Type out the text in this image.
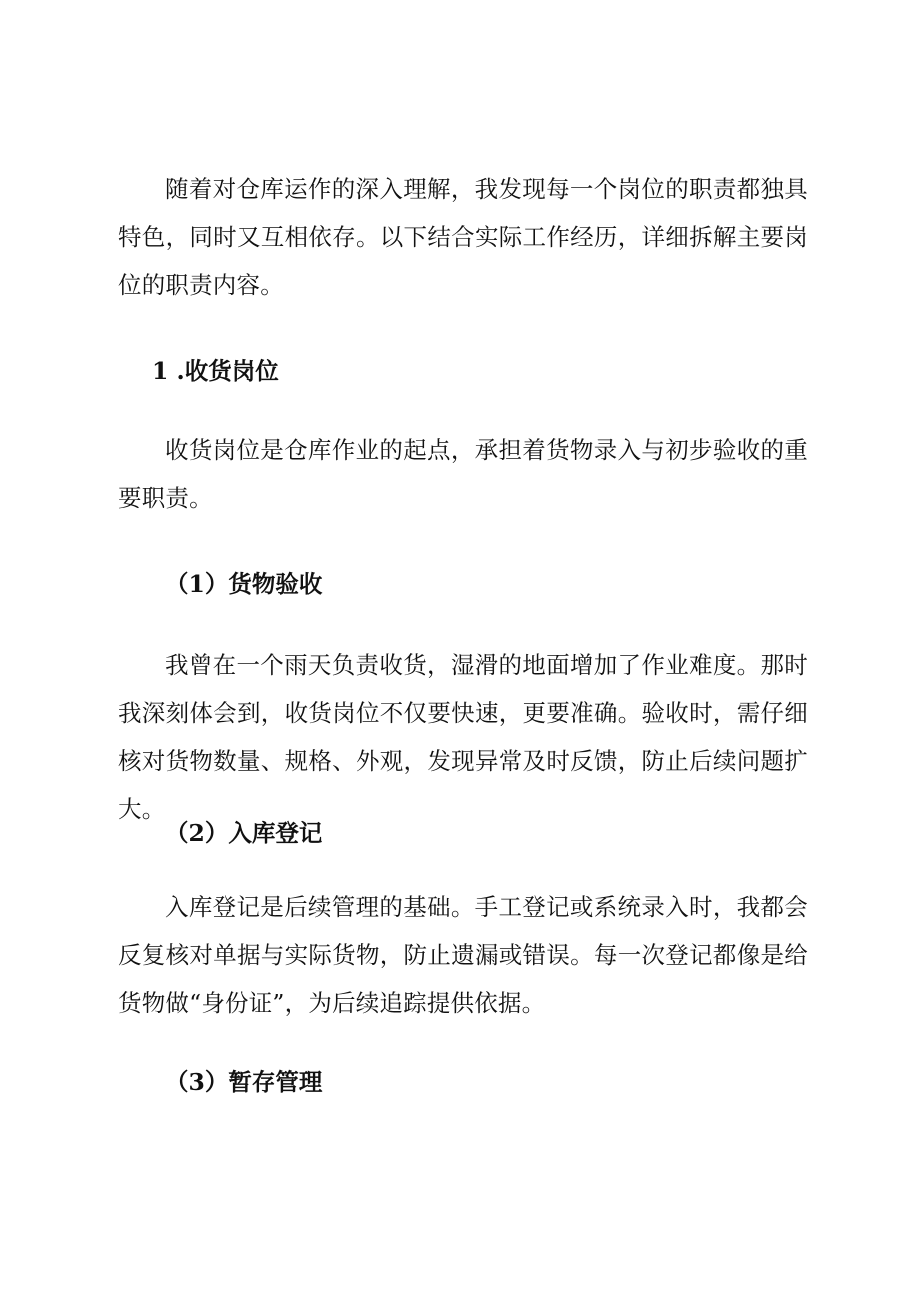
随着对仓库运作的深入理解，我发现每一个岗位的职责都独具特色，同时又互相依存。以下结合实际工作经历，详细拆解主要岗位的职责内容。

1 .收货岗位

收货岗位是仓库作业的起点，承担着货物录入与初步验收的重要职责。

（1）货物验收

我曾在一个雨天负责收货，湿滑的地面增加了作业难度。那时我深刻体会到，收货岗位不仅要快速，更要准确。验收时，需仔细核对货物数量、规格、外观，发现异常及时反馈，防止后续问题扩大。

（2）入库登记

入库登记是后续管理的基础。手工登记或系统录入时，我都会反复核对单据与实际货物，防止遗漏或错误。每一次登记都像是给货物做“身份证”，为后续追踪提供依据。

（3）暂存管理
